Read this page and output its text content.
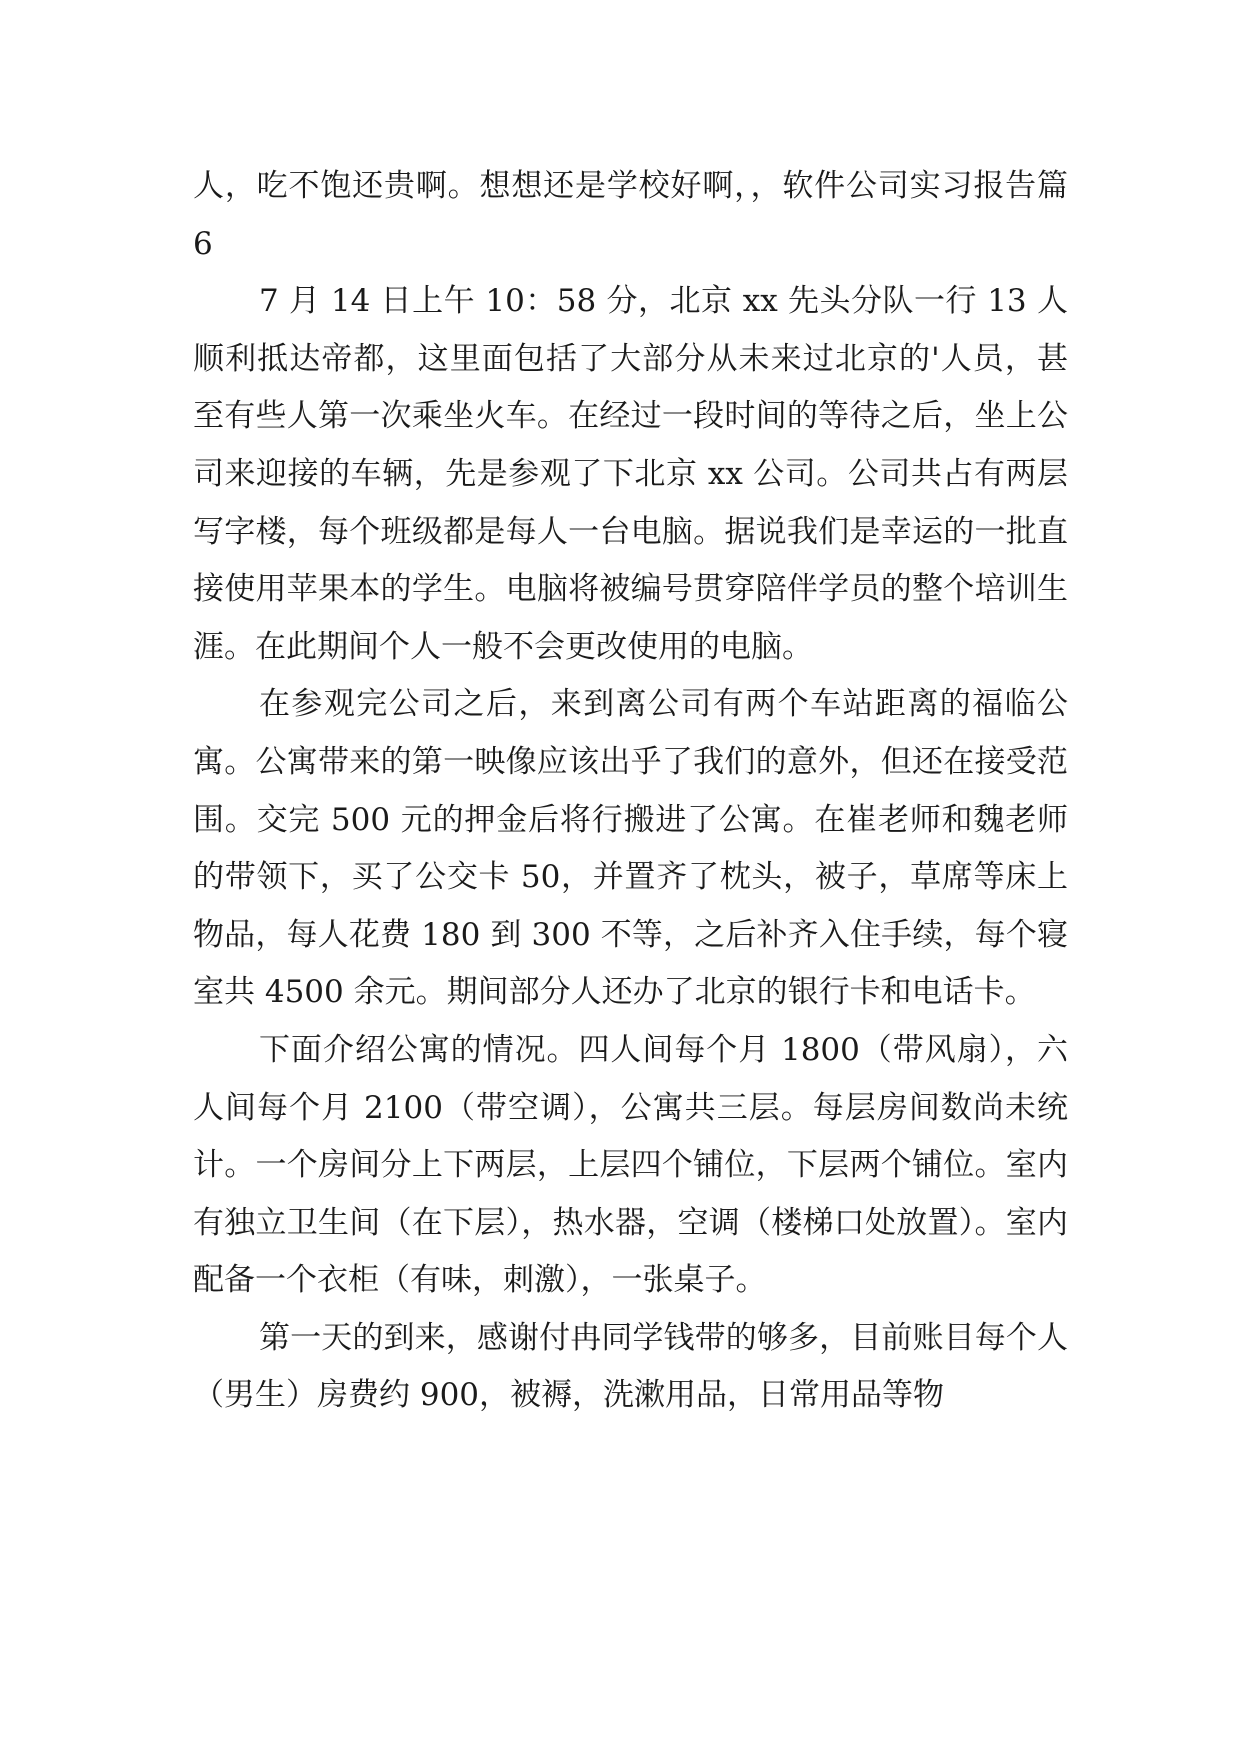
人，吃不饱还贵啊。想想还是学校好啊，，软件公司实习报告篇 6

7 月 14 日上午 10：58 分，北京 xx 先头分队一行 13 人顺利抵达帝都，这里面包括了大部分从未来过北京的'人员，甚至有些人第一次乘坐火车。在经过一段时间的等待之后，坐上公司来迎接的车辆，先是参观了下北京 xx 公司。公司共占有两层写字楼，每个班级都是每人一台电脑。据说我们是幸运的一批直接使用苹果本的学生。电脑将被编号贯穿陪伴学员的整个培训生涯。在此期间个人一般不会更改使用的电脑。

在参观完公司之后，来到离公司有两个车站距离的福临公寓。公寓带来的第一映像应该出乎了我们的意外，但还在接受范围。交完 500 元的押金后将行搬进了公寓。在崔老师和魏老师的带领下，买了公交卡 50，并置齐了枕头，被子，草席等床上物品，每人花费 180 到 300 不等，之后补齐入住手续，每个寝室共 4500 余元。期间部分人还办了北京的银行卡和电话卡。

下面介绍公寓的情况。四人间每个月 1800（带风扇），六人间每个月 2100（带空调），公寓共三层。每层房间数尚未统计。一个房间分上下两层，上层四个铺位，下层两个铺位。室内有独立卫生间（在下层），热水器，空调（楼梯口处放置）。室内配备一个衣柜（有味，刺激），一张桌子。

第一天的到来，感谢付冉同学钱带的够多，目前账目每个人（男生）房费约 900，被褥，洗漱用品，日常用品等物
